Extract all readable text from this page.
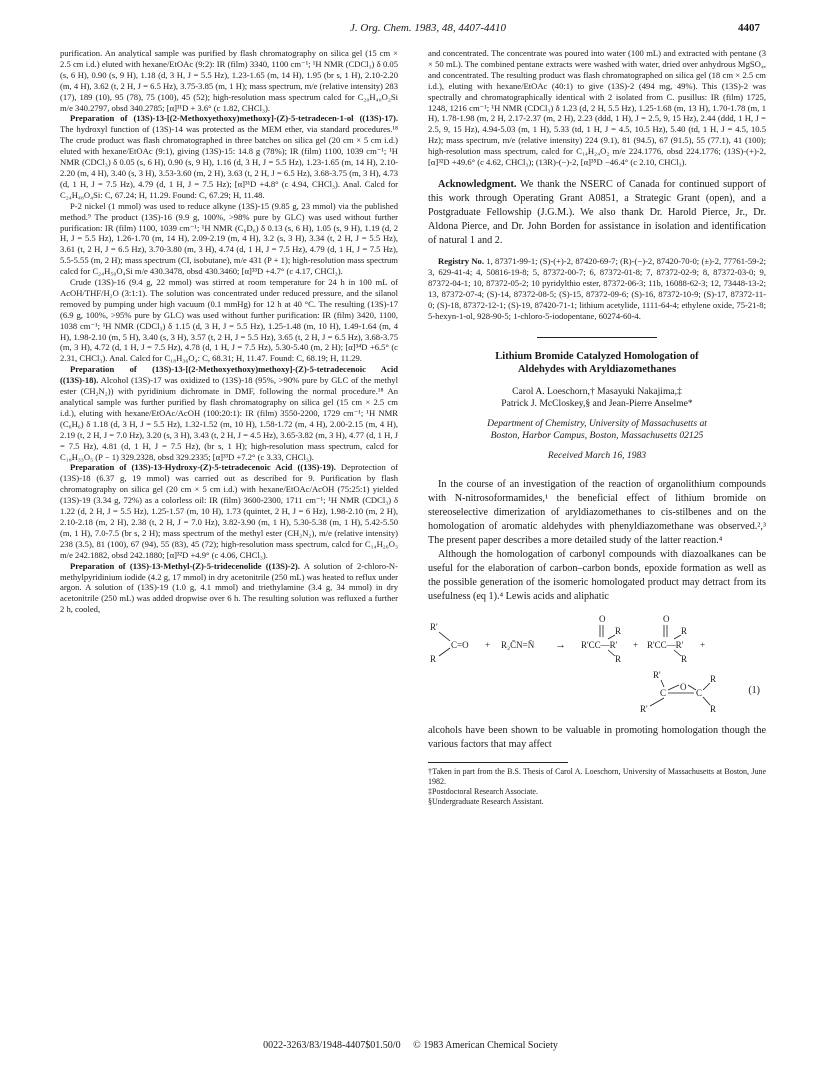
J. Org. Chem. 1983, 48, 4407-4410	4407

purification. An analytical sample was purified by flash chromatography on silica gel (15 cm × 2.5 cm i.d.) eluted with hexane/EtOAc (9:2): IR (film) 3340, 1100 cm⁻¹; ¹H NMR (CDCl₃) δ 0.05 (s, 6 H), 0.90 (s, 9 H), 1.18 (d, 3 H, J = 5.5 Hz), 1.23-1.65 (m, 14 H), 1.95 (br s, 1 H), 2.10-2.20 (m, 4 H), 3.62 (t, 2 H, J = 6.5 Hz), 3.75-3.85 (m, 1 H); mass spectrum, m/e (relative intensity) 283 (17), 189 (10), 95 (78), 75 (100), 45 (52); high-resolution mass spectrum calcd for C₂₀H₄₀O₂Si m/e 340.2797, obsd 340.2785; [α]³¹D + 3.6° (c 1.82, CHCl₃).

Preparation of (13S)-13-[(2-Methoxyethoxy)methoxy]-(Z)-5-tetradecen-1-ol ((13S)-17). The hydroxyl function of (13S)-14 was protected as the MEM ether, via standard procedures.¹⁸ The crude product was flash chromatographed in three batches on silica gel (20 cm × 5 cm i.d.) eluted with hexane/EtOAc (9:1), giving (13S)-15: 14.8 g (78%); IR (film) 1100, 1039 cm⁻¹; ¹H NMR (CDCl₃) δ 0.05 (s, 6 H), 0.90 (s, 9 H), 1.16 (d, 3 H, J = 5.5 Hz), 1.23-1.65 (m, 14 H), 2.10-2.20 (m, 4 H), 3.40 (s, 3 H), 3.53-3.60 (m, 2 H), 3.63 (t, 2 H, J = 6.5 Hz), 3.68-3.75 (m, 3 H), 4.73 (d, 1 H, J = 7.5 Hz), 4.79 (d, 1 H, J = 7.5 Hz); [α]³¹D +4.8° (c 4.94, CHCl₃). Anal. Calcd for C₂₄H₄₈O₄Si: C, 67.24; H, 11.29. Found: C, 67.29; H, 11.48.

P-2 nickel (1 mmol) was used to reduce alkyne (13S)-15 (9.85 g, 23 mmol) via the published method.⁹ The product (13S)-16 (9.9 g, 100%, >98% pure by GLC) was used without further purification: IR (film) 1100, 1039 cm⁻¹; ¹H NMR (C₆D₆) δ 0.13 (s, 6 H), 1.05 (s, 9 H), 1.19 (d, 2 H, J = 5.5 Hz), 1.26-1.70 (m, 14 H), 2.09-2.19 (m, 4 H), 3.2 (s, 3 H), 3.34 (t, 2 H, J = 5.5 Hz), 3.61 (t, 2 H, J = 6.5 Hz), 3.70-3.80 (m, 3 H), 4.74 (d, 1 H, J = 7.5 Hz), 4.79 (d, 1 H, J = 7.5 Hz), 5.5-5.55 (m, 2 H); mass spectrum (CI, isobutane), m/e 431 (P + 1); high-resolution mass spectrum calcd for C₂₄H₅₀O₄Si m/e 430.3478, obsd 430.3460; [α]³³D +4.7° (c 4.17, CHCl₃).

Crude (13S)-16 (9.4 g, 22 mmol) was stirred at room temperature for 24 h in 100 mL of AcOH/THF/H₂O (3:1:1). The solution was concentrated under reduced pressure, and the silanol removed by pumping under high vacuum (0.1 mmHg) for 12 h at 40 °C. The resulting (13S)-17 (6.9 g, 100%, >95% pure by GLC) was used without further purification: IR (film) 3420, 1100, 1038 cm⁻¹; ¹H NMR (CDCl₃) δ 1.15 (d, 3 H, J = 5.5 Hz), 1.25-1.48 (m, 10 H), 1.49-1.64 (m, 4 H), 1.98-2.10 (m, 5 H), 3.40 (s, 3 H), 3.57 (t, 2 H, J = 5.5 Hz), 3.65 (t, 2 H, J = 6.5 Hz), 3.68-3.75 (m, 3 H), 4.72 (d, 1 H, J = 7.5 Hz), 4.78 (d, 1 H, J = 7.5 Hz), 5.30-5.40 (m, 2 H); [α]³⁴D +6.5° (c 2.31, CHCl₃). Anal. Calcd for C₁₈H₃₆O₄: C, 68.31; H, 11.47. Found: C, 68.19; H, 11.29.

Preparation of (13S)-13-[(2-Methoxyethoxy)methoxy]-(Z)-5-tetradecenoic Acid ((13S)-18). Alcohol (13S)-17 was oxidized to (13S)-18 (95%, >90% pure by GLC of the methyl ester (CH₂N₂)) with pyridinium dichromate in DMF, following the normal procedure.¹⁸ An analytical sample was further purified by flash chromatography on silica gel (15 cm × 2.5 cm i.d.), eluting with hexane/EtOAc/AcOH (100:20:1): IR (film) 3550-2200, 1729 cm⁻¹; ¹H NMR (C₆H₆) δ 1.18 (d, 3 H, J = 5.5 Hz), 1.32-1.52 (m, 10 H), 1.58-1.72 (m, 4 H), 2.00-2.15 (m, 4 H), 2.19 (t, 2 H, J = 7.0 Hz), 3.20 (s, 3 H), 3.43 (t, 2 H, J = 4.5 Hz), 3.65-3.82 (m, 3 H), 4.77 (d, 1 H, J = 7.5 Hz), 4.81 (d, 1 H, J = 7.5 Hz), (br s, 1 H); high-resolution mass spectrum, calcd for C₁₈H₃₃O₅ (P − 1) 329.2328, obsd 329.2335; [α]³³D +7.2° (c 3.33, CHCl₃).

Preparation of (13S)-13-Hydroxy-(Z)-5-tetradecenoic Acid ((13S)-19). Deprotection of (13S)-18 (6.37 g, 19 mmol) was carried out as described for 9. Purification by flash chromatography on silica gel (20 cm × 5 cm i.d.) with hexane/EtOAc/AcOH (75:25:1) yielded (13S)-19 (3.34 g, 72%) as a colorless oil: IR (film) 3600-2300, 1711 cm⁻¹; ¹H NMR (CDCl₃) δ 1.22 (d, 2 H, J = 5.5 Hz), 1.25-1.57 (m, 10 H), 1.73 (quintet, 2 H, J = 6 Hz), 1.98-2.10 (m, 2 H), 2.10-2.18 (m, 2 H), 2.38 (t, 2 H, J = 7.0 Hz), 3.82-3.90 (m, 1 H), 5.30-5.38 (m, 1 H), 5.42-5.50 (m, 1 H), 7.0-7.5 (br s, 2 H); mass spectrum of the methyl ester (CH₂N₂), m/e (relative intensity) 238 (3.5), 81 (100), 67 (94), 55 (83), 45 (72); high-resolution mass spectrum, calcd for C₁₄H₂₆O₃ m/e 242.1882, obsd 242.1880; [α]³²D +4.9° (c 4.06, CHCl₃).

Preparation of (13S)-13-Methyl-(Z)-5-tridecenolide ((13S)-2). A solution of 2-chloro-N-methylpyridinium iodide (4.2 g, 17 mmol) in dry acetonitrile (250 mL) was heated to reflux under argon. A solution of (13S)-19 (1.0 g, 4.1 mmol) and triethylamine (3.4 g, 34 mmol) in dry acetonitrile (250 mL) was added dropwise over 6 h. The resulting solution was refluxed a further 2 h, cooled,

and concentrated. The concentrate was poured into water (100 mL) and extracted with pentane (3 × 50 mL). The combined pentane extracts were washed with water, dried over anhydrous MgSO₄, and concentrated. The resulting product was flash chromatographed on silica gel (18 cm × 2.5 cm i.d.), eluting with hexane/EtOAc (40:1) to give (13S)-2 (494 mg, 49%). This (13S)-2 was spectrally and chromatographically identical with 2 isolated from C. pusillus: IR (film) 1725, 1248, 1216 cm⁻¹; ¹H NMR (CDCl₃) δ 1.23 (d, 2 H, 5.5 Hz), 1.25-1.68 (m, 13 H), 1.70-1.78 (m, 1 H), 1.78-1.98 (m, 2 H, 2.17-2.37 (m, 2 H), 2.23 (ddd, 1 H), J = 2.5, 9, 15 Hz), 2.44 (ddd, 1 H, J = 2.5, 9, 15 Hz), 4.94-5.03 (m, 1 H), 5.33 (td, 1 H, J = 4.5, 10.5 Hz), 5.40 (td, 1 H, J = 4.5, 10.5 Hz); mass spectrum, m/e (relative intensity) 224 (9.1), 81 (94.5), 67 (91.5), 55 (77.1), 41 (100); high-resolution mass spectrum, calcd for C₁₄H₂₄O₂ m/e 224.1776, obsd 224.1776; (13S)-(+)-2, [α]³²D +49.6° (c 4.62, CHCl₃); (13R)-(−)-2, [α]³⁵D −46.4° (c 2.10, CHCl₃).

Acknowledgment. We thank the NSERC of Canada for continued support of this work through Operating Grant A0851, a Strategic Grant (open), and a Postgraduate Fellowship (J.G.M.). We also thank Dr. Harold Pierce, Jr., Dr. Aldona Pierce, and Dr. John Borden for assistance in isolation and identification of natural 1 and 2.
Registry No. 1, 87371-99-1; (S)-(+)-2, 87420-69-7; (R)-(−)-2, 87420-70-0; (±)-2, 77761-59-2; 3, 629-41-4; 4, 50816-19-8; 5, 87372-00-7; 6, 87372-01-8; 7, 87372-02-9; 8, 87372-03-0; 9, 87372-04-1; 10, 87372-05-2; 10 pyridylthio ester, 87372-06-3; 11b, 16088-62-3; 12, 73448-13-2; 13, 87372-07-4; (S)-14, 87372-08-5; (S)-15, 87372-09-6; (S)-16, 87372-10-9; (S)-17, 87372-11-0; (S)-18, 87372-12-1; (S)-19, 87420-71-1; lithium acetylide, 1111-64-4; ethylene oxide, 75-21-8; 5-hexyn-1-ol, 928-90-5; 1-chloro-5-iodopentane, 60274-60-4.
Lithium Bromide Catalyzed Homologation of
Aldehydes with Aryldiazomethanes
Carol A. Loeschorn,† Masayuki Nakajima,‡
Patrick J. McCloskey,§ and Jean-Pierre Anselme*
Department of Chemistry, University of Massachusetts at
Boston, Harbor Campus, Boston, Massachusetts 02125
Received March 16, 1983

In the course of an investigation of the reaction of organolithium compounds with N-nitrosoformamides,¹ the beneficial effect of lithium bromide on stereoselective dimerization of aryldiazomethanes to cis-stilbenes and on the homologation of aromatic aldehydes with phenyldiazomethane was observed.²,³ The present paper describes a more detailed study of the latter reaction.⁴

Although the homologation of carbonyl compounds with diazoalkanes can be useful for the elaboration of carbon–carbon bonds, epoxide formation as well as the possible generation of the isomeric homologated product may detract from its usefulness (eq 1).⁴ Lewis acids and aliphatic

R'
R
C=O + R₂C̄N=N̄ →
O
R
R'CC—R'
R
+
O
R
R'CC—R'
R
+
R'
R'
C
O
C
R
R
(1)

alcohols have been shown to be valuable in promoting homologation though the various factors that may affect

†Taken in part from the B.S. Thesis of Carol A. Loeschorn, University of Massachusetts at Boston, June 1982.
‡Postdoctoral Research Associate.
§Undergraduate Research Assistant.
0022-3263/83/1948-4407$01.50/0 © 1983 American Chemical Society
